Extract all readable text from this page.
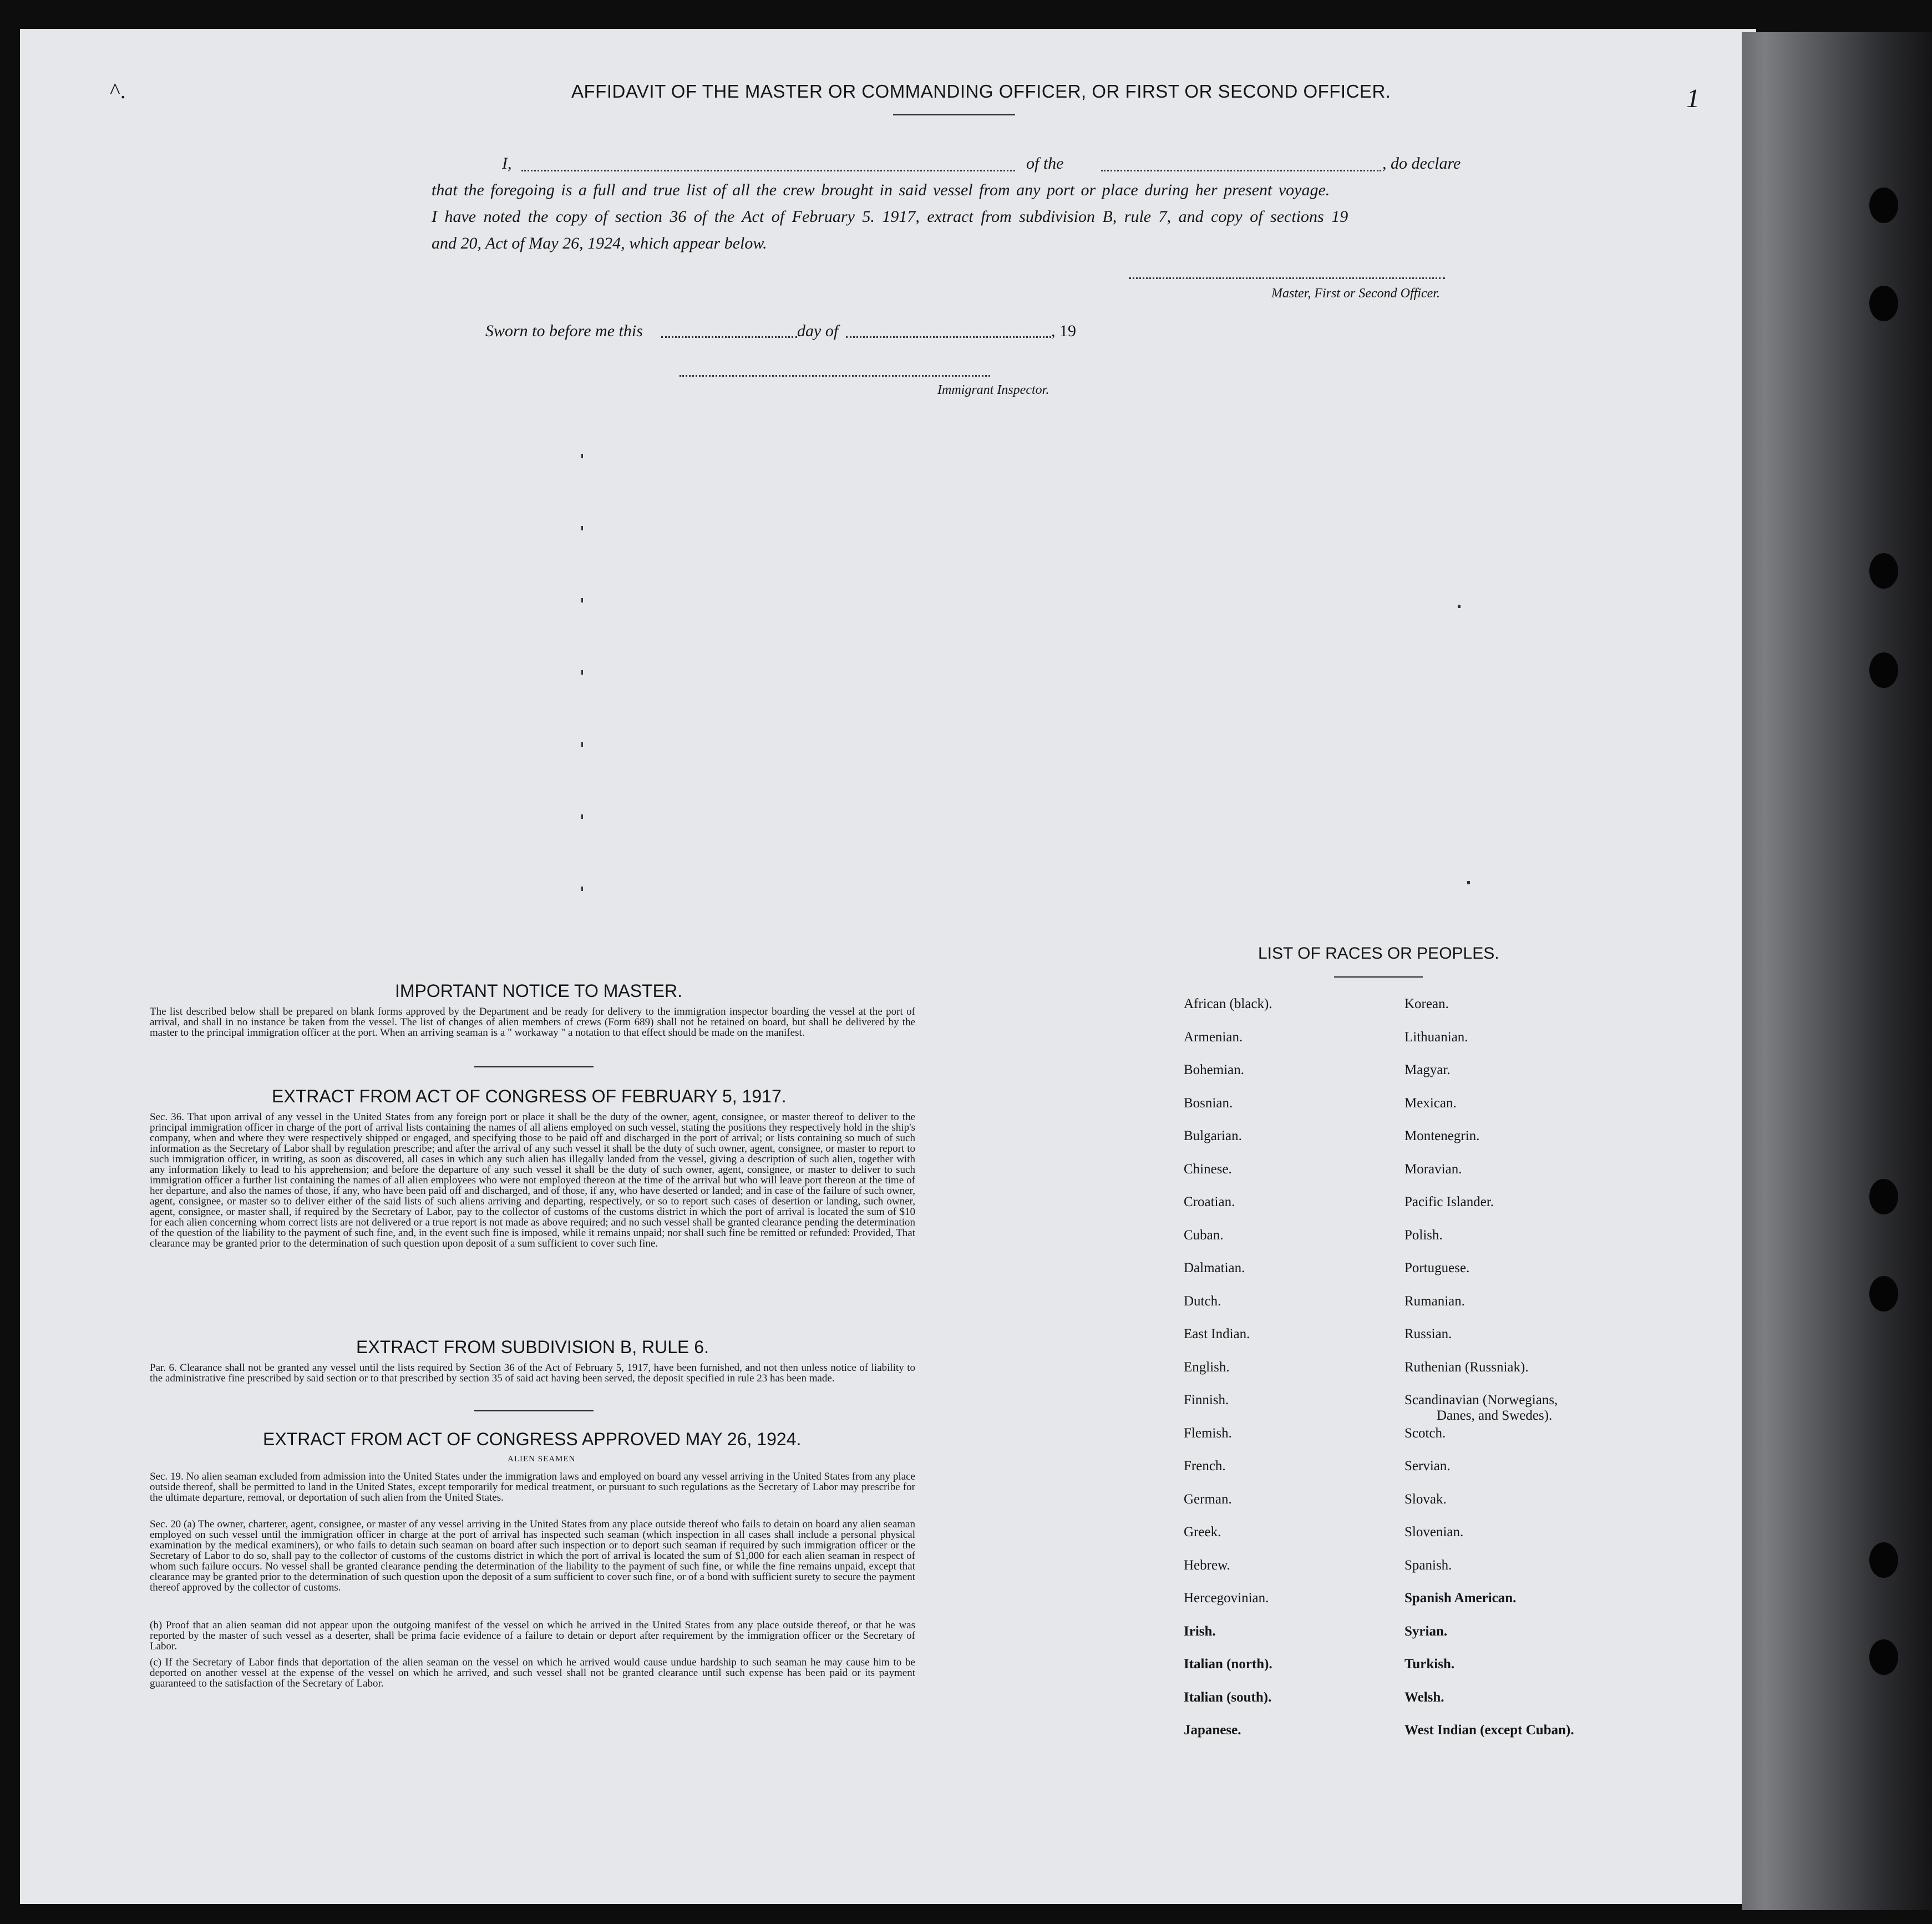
^.	1
AFFIDAVIT OF THE MASTER OR COMMANDING OFFICER, OR FIRST OR SECOND OFFICER.
I,	of the	, do declare
that the foregoing is a full and true list of all the crew brought in said vessel from any port or place during her present voyage.
I have noted the copy of section 36 of the Act of February 5. 1917, extract from subdivision B, rule 7, and copy of sections 19
and 20, Act of May 26, 1924, which appear below.
Master, First or Second Officer.
Sworn to before me this	day of	, 19
Immigrant Inspector.
IMPORTANT NOTICE TO MASTER.
The list described below shall be prepared on blank forms approved by the Department and be ready for delivery to the immigration inspector boarding the vessel at the port of arrival, and shall in no instance be taken from the vessel. The list of changes of alien members of crews (Form 689) shall not be retained on board, but shall be delivered by the master to the principal immigration officer at the port. When an arriving seaman is a " workaway " a notation to that effect should be made on the manifest.
EXTRACT FROM ACT OF CONGRESS OF FEBRUARY 5, 1917.
Sec. 36. That upon arrival of any vessel in the United States from any foreign port or place it shall be the duty of the owner, agent, consignee, or master thereof to deliver to the principal immigration officer in charge of the port of arrival lists containing the names of all aliens employed on such vessel, stating the positions they respectively hold in the ship's company, when and where they were respectively shipped or engaged, and specifying those to be paid off and discharged in the port of arrival; or lists containing so much of such information as the Secretary of Labor shall by regulation prescribe; and after the arrival of any such vessel it shall be the duty of such owner, agent, consignee, or master to report to such immigration officer, in writing, as soon as discovered, all cases in which any such alien has illegally landed from the vessel, giving a description of such alien, together with any information likely to lead to his apprehension; and before the departure of any such vessel it shall be the duty of such owner, agent, consignee, or master to deliver to such immigration officer a further list containing the names of all alien employees who were not employed thereon at the time of the arrival but who will leave port thereon at the time of her departure, and also the names of those, if any, who have been paid off and discharged, and of those, if any, who have deserted or landed; and in case of the failure of such owner, agent, consignee, or master so to deliver either of the said lists of such aliens arriving and departing, respectively, or so to report such cases of desertion or landing, such owner, agent, consignee, or master shall, if required by the Secretary of Labor, pay to the collector of customs of the customs district in which the port of arrival is located the sum of $10 for each alien concerning whom correct lists are not delivered or a true report is not made as above required; and no such vessel shall be granted clearance pending the determination of the question of the liability to the payment of such fine, and, in the event such fine is imposed, while it remains unpaid; nor shall such fine be remitted or refunded: Provided, That clearance may be granted prior to the determination of such question upon deposit of a sum sufficient to cover such fine.
EXTRACT FROM SUBDIVISION B, RULE 6.
Par. 6. Clearance shall not be granted any vessel until the lists required by Section 36 of the Act of February 5, 1917, have been furnished, and not then unless notice of liability to the administrative fine prescribed by said section or to that prescribed by section 35 of said act having been served, the deposit specified in rule 23 has been made.
EXTRACT FROM ACT OF CONGRESS APPROVED MAY 26, 1924.
ALIEN SEAMEN
Sec. 19. No alien seaman excluded from admission into the United States under the immigration laws and employed on board any vessel arriving in the United States from any place outside thereof, shall be permitted to land in the United States, except temporarily for medical treatment, or pursuant to such regulations as the Secretary of Labor may prescribe for the ultimate departure, removal, or deportation of such alien from the United States.
Sec. 20 (a) The owner, charterer, agent, consignee, or master of any vessel arriving in the United States from any place outside thereof who fails to detain on board any alien seaman employed on such vessel until the immigration officer in charge at the port of arrival has inspected such seaman (which inspection in all cases shall include a personal physical examination by the medical examiners), or who fails to detain such seaman on board after such inspection or to deport such seaman if required by such immigration officer or the Secretary of Labor to do so, shall pay to the collector of customs of the customs district in which the port of arrival is located the sum of $1,000 for each alien seaman in respect of whom such failure occurs. No vessel shall be granted clearance pending the determination of the liability to the payment of such fine, or while the fine remains unpaid, except that clearance may be granted prior to the determination of such question upon the deposit of a sum sufficient to cover such fine, or of a bond with sufficient surety to secure the payment thereof approved by the collector of customs.
(b) Proof that an alien seaman did not appear upon the outgoing manifest of the vessel on which he arrived in the United States from any place outside thereof, or that he was reported by the master of such vessel as a deserter, shall be prima facie evidence of a failure to detain or deport after requirement by the immigration officer or the Secretary of Labor.
(c) If the Secretary of Labor finds that deportation of the alien seaman on the vessel on which he arrived would cause undue hardship to such seaman he may cause him to be deported on another vessel at the expense of the vessel on which he arrived, and such vessel shall not be granted clearance until such expense has been paid or its payment guaranteed to the satisfaction of the Secretary of Labor.
LIST OF RACES OR PEOPLES.
African (black).
Armenian.
Bohemian.
Bosnian.
Bulgarian.
Chinese.
Croatian.
Cuban.
Dalmatian.
Dutch.
East Indian.
English.
Finnish.
Flemish.
French.
German.
Greek.
Hebrew.
Hercegovinian.
Irish.
Italian (north).
Italian (south).
Japanese.
Korean.
Lithuanian.
Magyar.
Mexican.
Montenegrin.
Moravian.
Pacific Islander.
Polish.
Portuguese.
Rumanian.
Russian.
Ruthenian (Russniak).
Scandinavian (Norwegians,
Danes, and Swedes).
Scotch.
Servian.
Slovak.
Slovenian.
Spanish.
Spanish American.
Syrian.
Turkish.
Welsh.
West Indian (except Cuban).
